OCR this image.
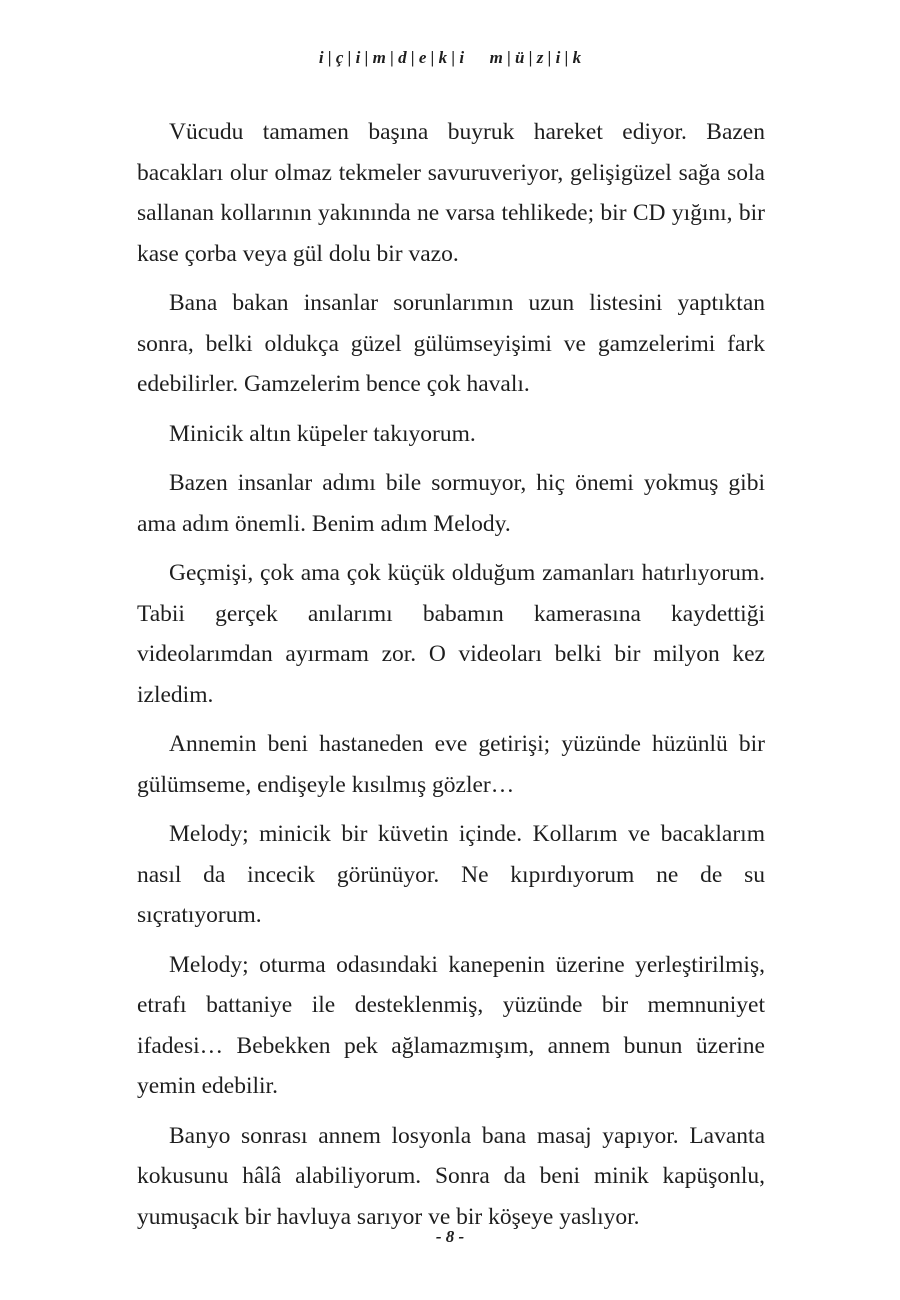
i | ç | i | m | d | e | k | i      m | ü | z | i | k

Vücudu tamamen başına buyruk hareket ediyor. Bazen bacakları olur olmaz tekmeler savuruveriyor, gelişigüzel sağa sola sallanan kollarının yakınında ne varsa tehlikede; bir CD yığını, bir kase çorba veya gül dolu bir vazo.

Bana bakan insanlar sorunlarımın uzun listesini yaptıktan sonra, belki oldukça güzel gülümseyişimi ve gamzelerimi fark edebilirler. Gamzelerim bence çok havalı.

Minicik altın küpeler takıyorum.

Bazen insanlar adımı bile sormuyor, hiç önemi yokmuş gibi ama adım önemli. Benim adım Melody.

Geçmişi, çok ama çok küçük olduğum zamanları hatırlıyorum. Tabii gerçek anılarımı babamın kamerasına kaydettiği videolarımdan ayırmam zor. O videoları belki bir milyon kez izledim.

Annemin beni hastaneden eve getirişi; yüzünde hüzünlü bir gülümseme, endişeyle kısılmış gözler…

Melody; minicik bir küvetin içinde. Kollarım ve bacaklarım nasıl da incecik görünüyor. Ne kıpırdıyorum ne de su sıçratıyorum.

Melody; oturma odasındaki kanepenin üzerine yerleştirilmiş, etrafı battaniye ile desteklenmiş, yüzünde bir memnuniyet ifadesi… Bebekken pek ağlamazmışım, annem bunun üzerine yemin edebilir.

Banyo sonrası annem losyonla bana masaj yapıyor. Lavanta kokusunu hâlâ alabiliyorum. Sonra da beni minik kapüşonlu, yumuşacık bir havluya sarıyor ve bir köşeye yaslıyor.

- 8 -
